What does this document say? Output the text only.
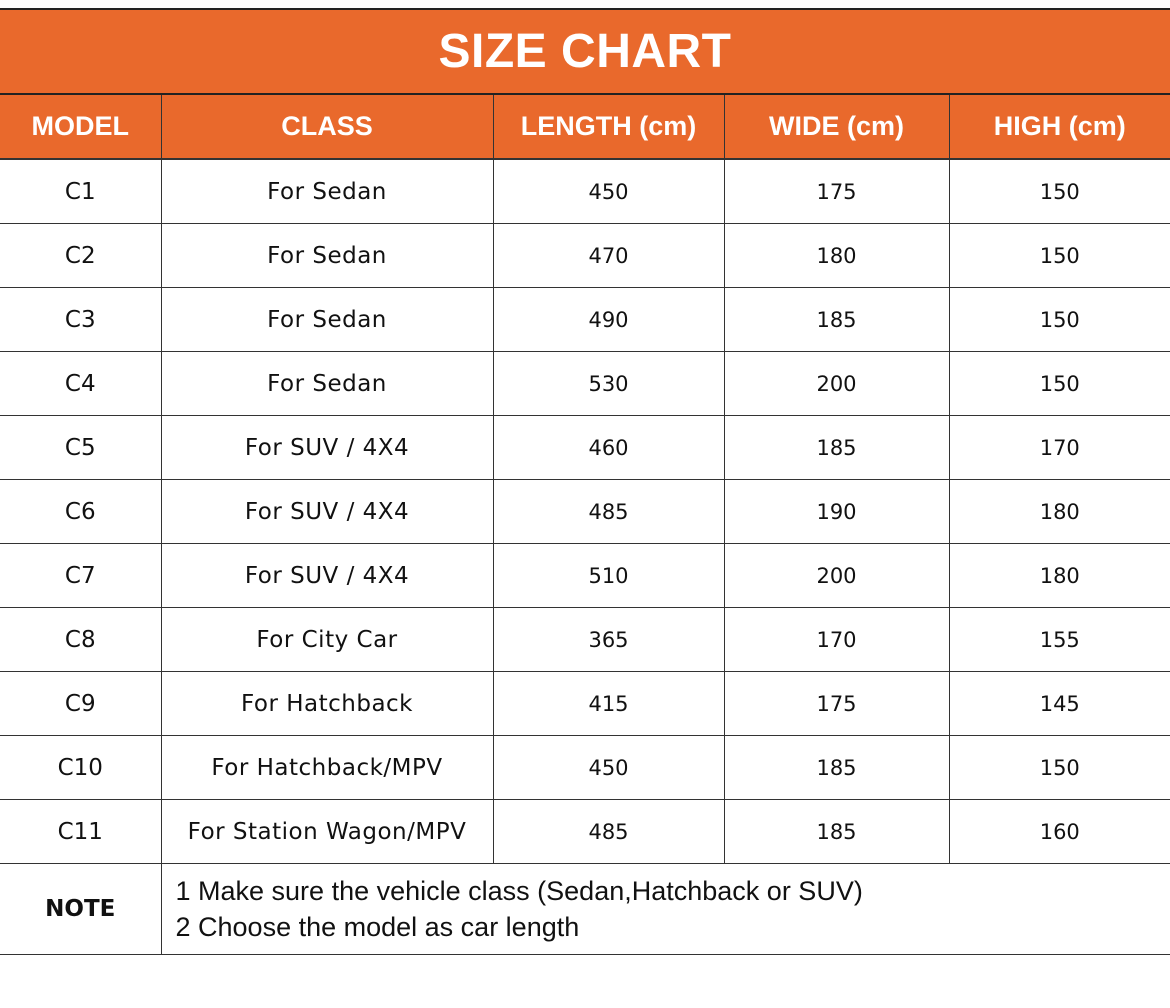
SIZE CHART
MODEL	CLASS	LENGTH (cm)	WIDE (cm)	HIGH (cm)
C1	For Sedan	450	175	150
C2	For Sedan	470	180	150
C3	For Sedan	490	185	150
C4	For Sedan	530	200	150
C5	For SUV / 4X4	460	185	170
C6	For SUV / 4X4	485	190	180
C7	For SUV / 4X4	510	200	180
C8	For City Car	365	170	155
C9	For Hatchback	415	175	145
C10	For Hatchback/MPV	450	185	150
C11	For Station Wagon/MPV	485	185	160
NOTE	1 Make sure the vehicle class (Sedan,Hatchback or SUV)
2 Choose the model as car length			
